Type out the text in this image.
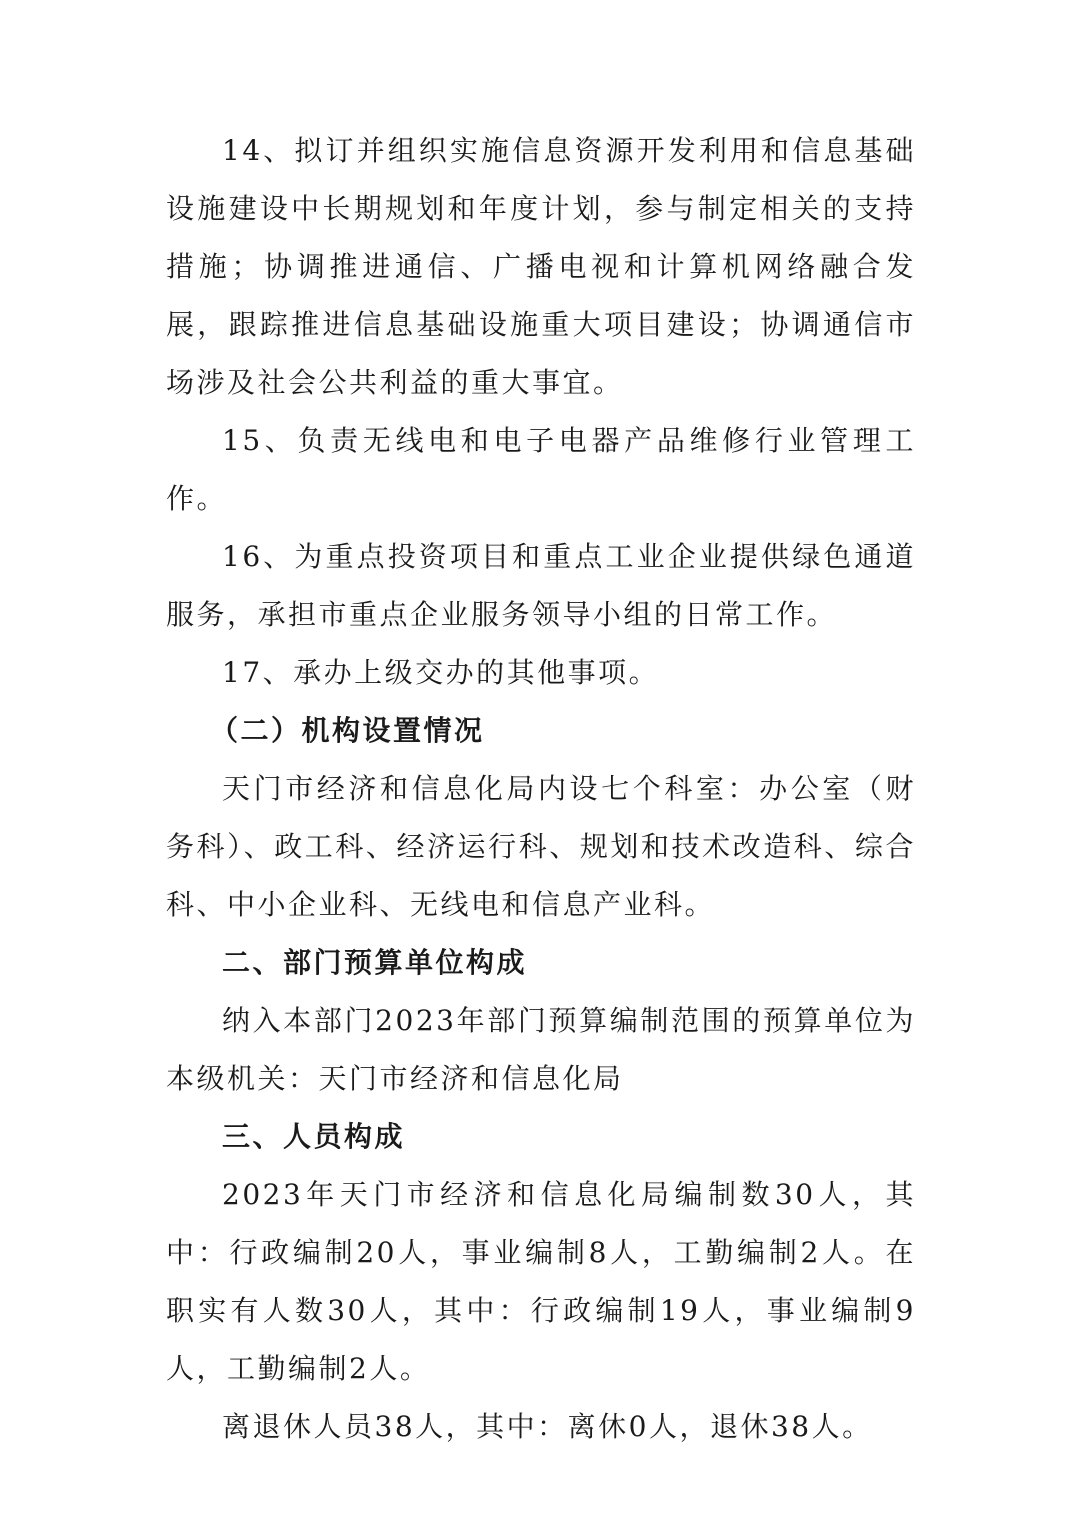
14、拟订并组织实施信息资源开发利用和信息基础设施建设中长期规划和年度计划，参与制定相关的支持措施；协调推进通信、广播电视和计算机网络融合发展，跟踪推进信息基础设施重大项目建设；协调通信市场涉及社会公共利益的重大事宜。

15、负责无线电和电子电器产品维修行业管理工作。

16、为重点投资项目和重点工业企业提供绿色通道服务，承担市重点企业服务领导小组的日常工作。

17、承办上级交办的其他事项。

（二）机构设置情况

天门市经济和信息化局内设七个科室：办公室（财务科）、政工科、经济运行科、规划和技术改造科、综合科、中小企业科、无线电和信息产业科。

二、部门预算单位构成

纳入本部门2023年部门预算编制范围的预算单位为本级机关：天门市经济和信息化局

三、人员构成

2023年天门市经济和信息化局编制数30人，其中：行政编制20人，事业编制8人，工勤编制2人。在职实有人数30人，其中：行政编制19人，事业编制9人，工勤编制2人。

离退休人员38人，其中：离休0人，退休38人。
